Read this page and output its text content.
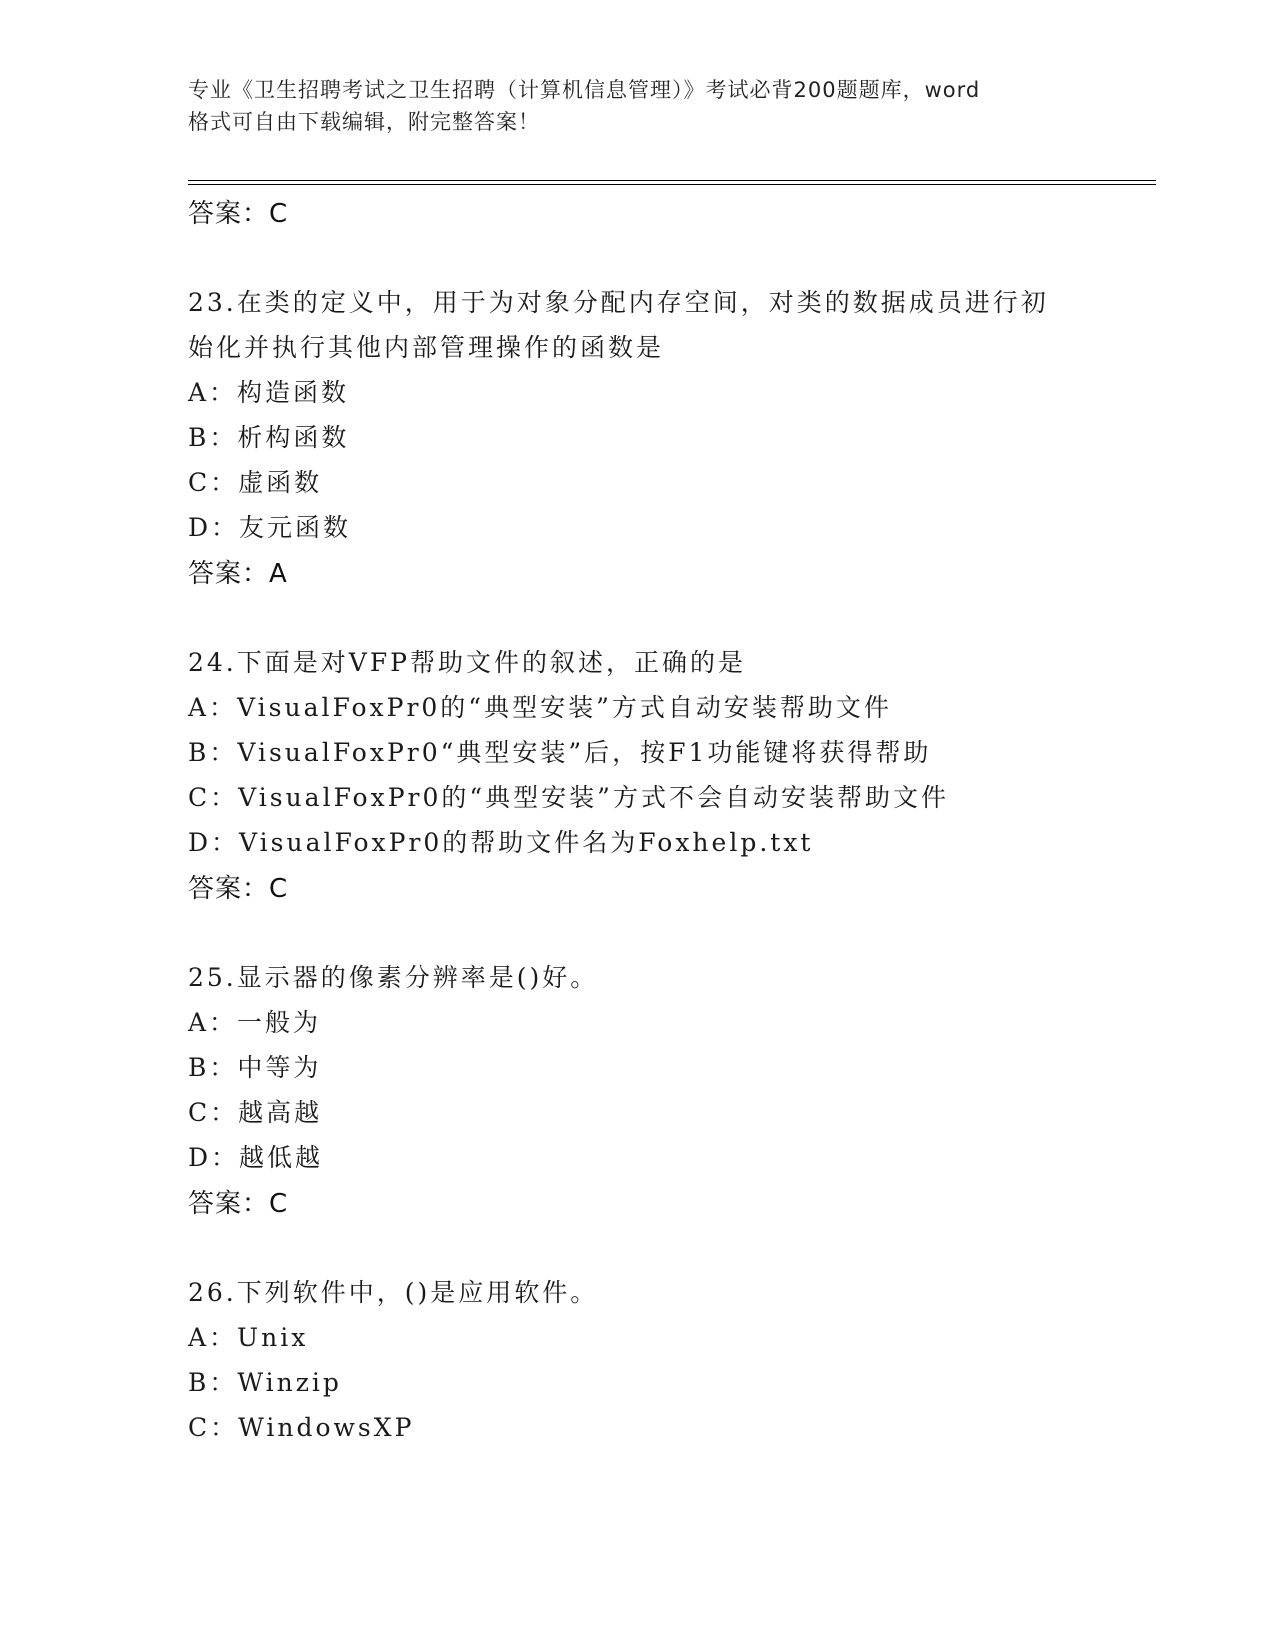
专业《卫生招聘考试之卫生招聘（计算机信息管理）》考试必背200题题库，word
格式可自由下载编辑，附完整答案！
答案：C
23.在类的定义中，用于为对象分配内存空间，对类的数据成员进行初
始化并执行其他内部管理操作的函数是
A：构造函数
B：析构函数
C：虚函数
D：友元函数
答案：A
24.下面是对VFP帮助文件的叙述，正确的是
A：VisualFoxPr0的“典型安装”方式自动安装帮助文件
B：VisualFoxPr0“典型安装”后，按F1功能键将获得帮助
C：VisualFoxPr0的“典型安装”方式不会自动安装帮助文件
D：VisualFoxPr0的帮助文件名为Foxhelp.txt
答案：C
25.显示器的像素分辨率是()好。
A：一般为
B：中等为
C：越高越
D：越低越
答案：C
26.下列软件中，()是应用软件。
A：Unix
B：Winzip
C：WindowsXP
